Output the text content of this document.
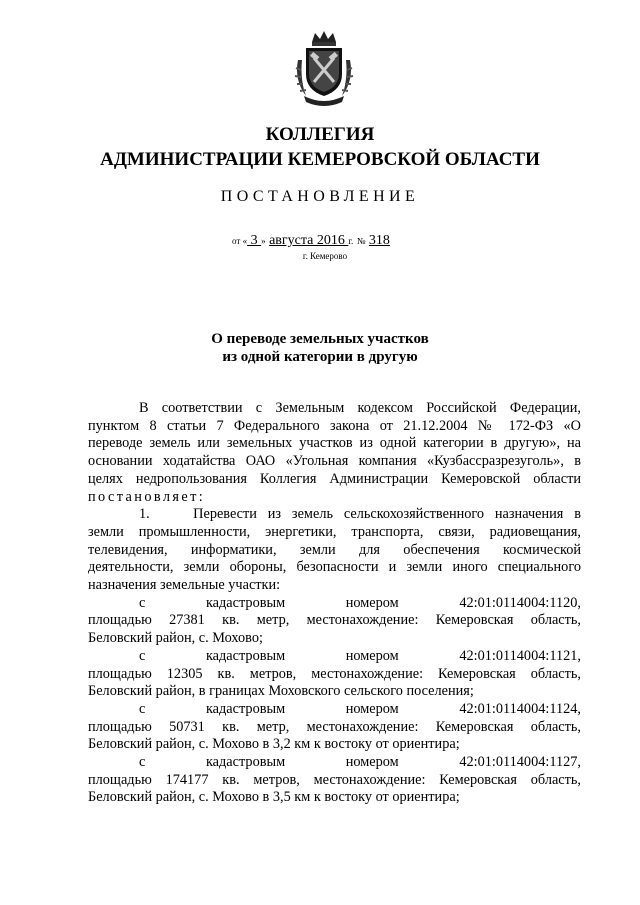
КОЛЛЕГИЯ
АДМИНИСТРАЦИИ КЕМЕРОВСКОЙ ОБЛАСТИ
ПОСТАНОВЛЕНИЕ
от « 3 » августа 2016 г. № 318
г. Кемерово
О переводе земельных участков
из одной категории в другую

В соответствии с Земельным кодексом Российской Федерации,

пунктом 8 статьи 7 Федерального закона от 21.12.2004 № 172-ФЗ «О

переводе земель или земельных участков из одной категории в другую», на

основании ходатайства ОАО «Угольная компания «Кузбассразрезуголь», в

целях недропользования Коллегия Администрации Кемеровской области

постановляет:

1.    Перевести из земель сельскохозяйственного назначения в

земли промышленности, энергетики, транспорта, связи, радиовещания,

телевидения, информатики, земли для обеспечения космической

деятельности, земли обороны, безопасности и земли иного специального

назначения земельные участки:

с кадастровым номером 42:01:0114004:1120,

площадью 27381 кв. метр, местонахождение: Кемеровская область,

Беловский район, с. Мохово;

с кадастровым номером 42:01:0114004:1121,

площадью 12305 кв. метров, местонахождение: Кемеровская область,

Беловский район, в границах Моховского сельского поселения;

с кадастровым номером 42:01:0114004:1124,

площадью 50731 кв. метр, местонахождение: Кемеровская область,

Беловский район, с. Мохово в 3,2 км к востоку от ориентира;

с кадастровым номером 42:01:0114004:1127,

площадью 174177 кв. метров, местонахождение: Кемеровская область,

Беловский район, с. Мохово в 3,5 км к востоку от ориентира;
